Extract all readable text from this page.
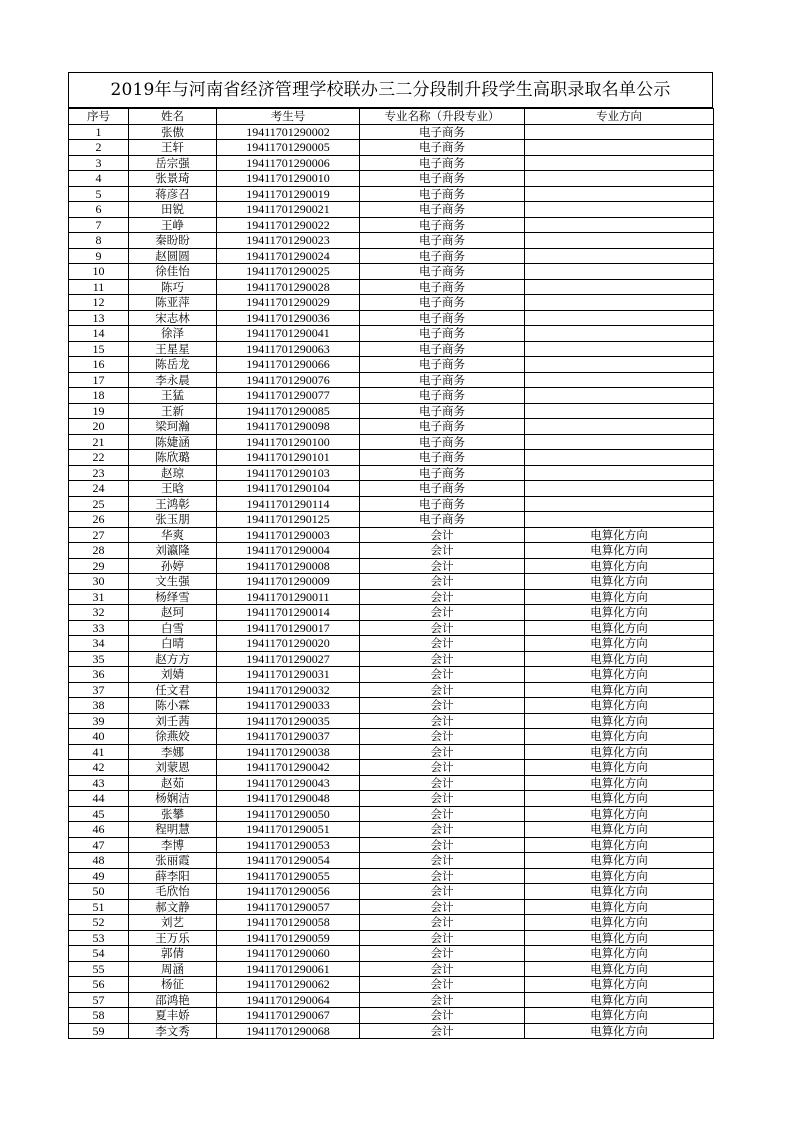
2019年与河南省经济管理学校联办三二分段制升段学生高职录取名单公示
序号	姓名	考生号	专业名称（升段专业）	专业方向
1	张傲	19411701290002	电子商务	
2	王轩	19411701290005	电子商务	
3	岳宗强	19411701290006	电子商务	
4	张景琦	19411701290010	电子商务	
5	蒋彦召	19411701290019	电子商务	
6	田锐	19411701290021	电子商务	
7	王峥	19411701290022	电子商务	
8	秦盼盼	19411701290023	电子商务	
9	赵圆圆	19411701290024	电子商务	
10	徐佳怡	19411701290025	电子商务	
11	陈巧	19411701290028	电子商务	
12	陈亚萍	19411701290029	电子商务	
13	宋志林	19411701290036	电子商务	
14	徐泽	19411701290041	电子商务	
15	王星星	19411701290063	电子商务	
16	陈岳龙	19411701290066	电子商务	
17	李永晨	19411701290076	电子商务	
18	王猛	19411701290077	电子商务	
19	王新	19411701290085	电子商务	
20	梁珂瀚	19411701290098	电子商务	
21	陈婕涵	19411701290100	电子商务	
22	陈欣璐	19411701290101	电子商务	
23	赵琼	19411701290103	电子商务	
24	王晗	19411701290104	电子商务	
25	王鸿彰	19411701290114	电子商务	
26	张玉朋	19411701290125	电子商务	
27	华爽	19411701290003	会计	电算化方向
28	刘瀛隆	19411701290004	会计	电算化方向
29	孙婷	19411701290008	会计	电算化方向
30	文生强	19411701290009	会计	电算化方向
31	杨绎雪	19411701290011	会计	电算化方向
32	赵珂	19411701290014	会计	电算化方向
33	白雪	19411701290017	会计	电算化方向
34	白晴	19411701290020	会计	电算化方向
35	赵方方	19411701290027	会计	电算化方向
36	刘婧	19411701290031	会计	电算化方向
37	任文君	19411701290032	会计	电算化方向
38	陈小霖	19411701290033	会计	电算化方向
39	刘壬茜	19411701290035	会计	电算化方向
40	徐燕姣	19411701290037	会计	电算化方向
41	李娜	19411701290038	会计	电算化方向
42	刘蒙恩	19411701290042	会计	电算化方向
43	赵茹	19411701290043	会计	电算化方向
44	杨娴洁	19411701290048	会计	电算化方向
45	张攀	19411701290050	会计	电算化方向
46	程明慧	19411701290051	会计	电算化方向
47	李博	19411701290053	会计	电算化方向
48	张丽霞	19411701290054	会计	电算化方向
49	薛李阳	19411701290055	会计	电算化方向
50	毛欣怡	19411701290056	会计	电算化方向
51	郝文静	19411701290057	会计	电算化方向
52	刘艺	19411701290058	会计	电算化方向
53	王万乐	19411701290059	会计	电算化方向
54	郭倩	19411701290060	会计	电算化方向
55	周涵	19411701290061	会计	电算化方向
56	杨征	19411701290062	会计	电算化方向
57	邵鸿艳	19411701290064	会计	电算化方向
58	夏丰娇	19411701290067	会计	电算化方向
59	李文秀	19411701290068	会计	电算化方向
